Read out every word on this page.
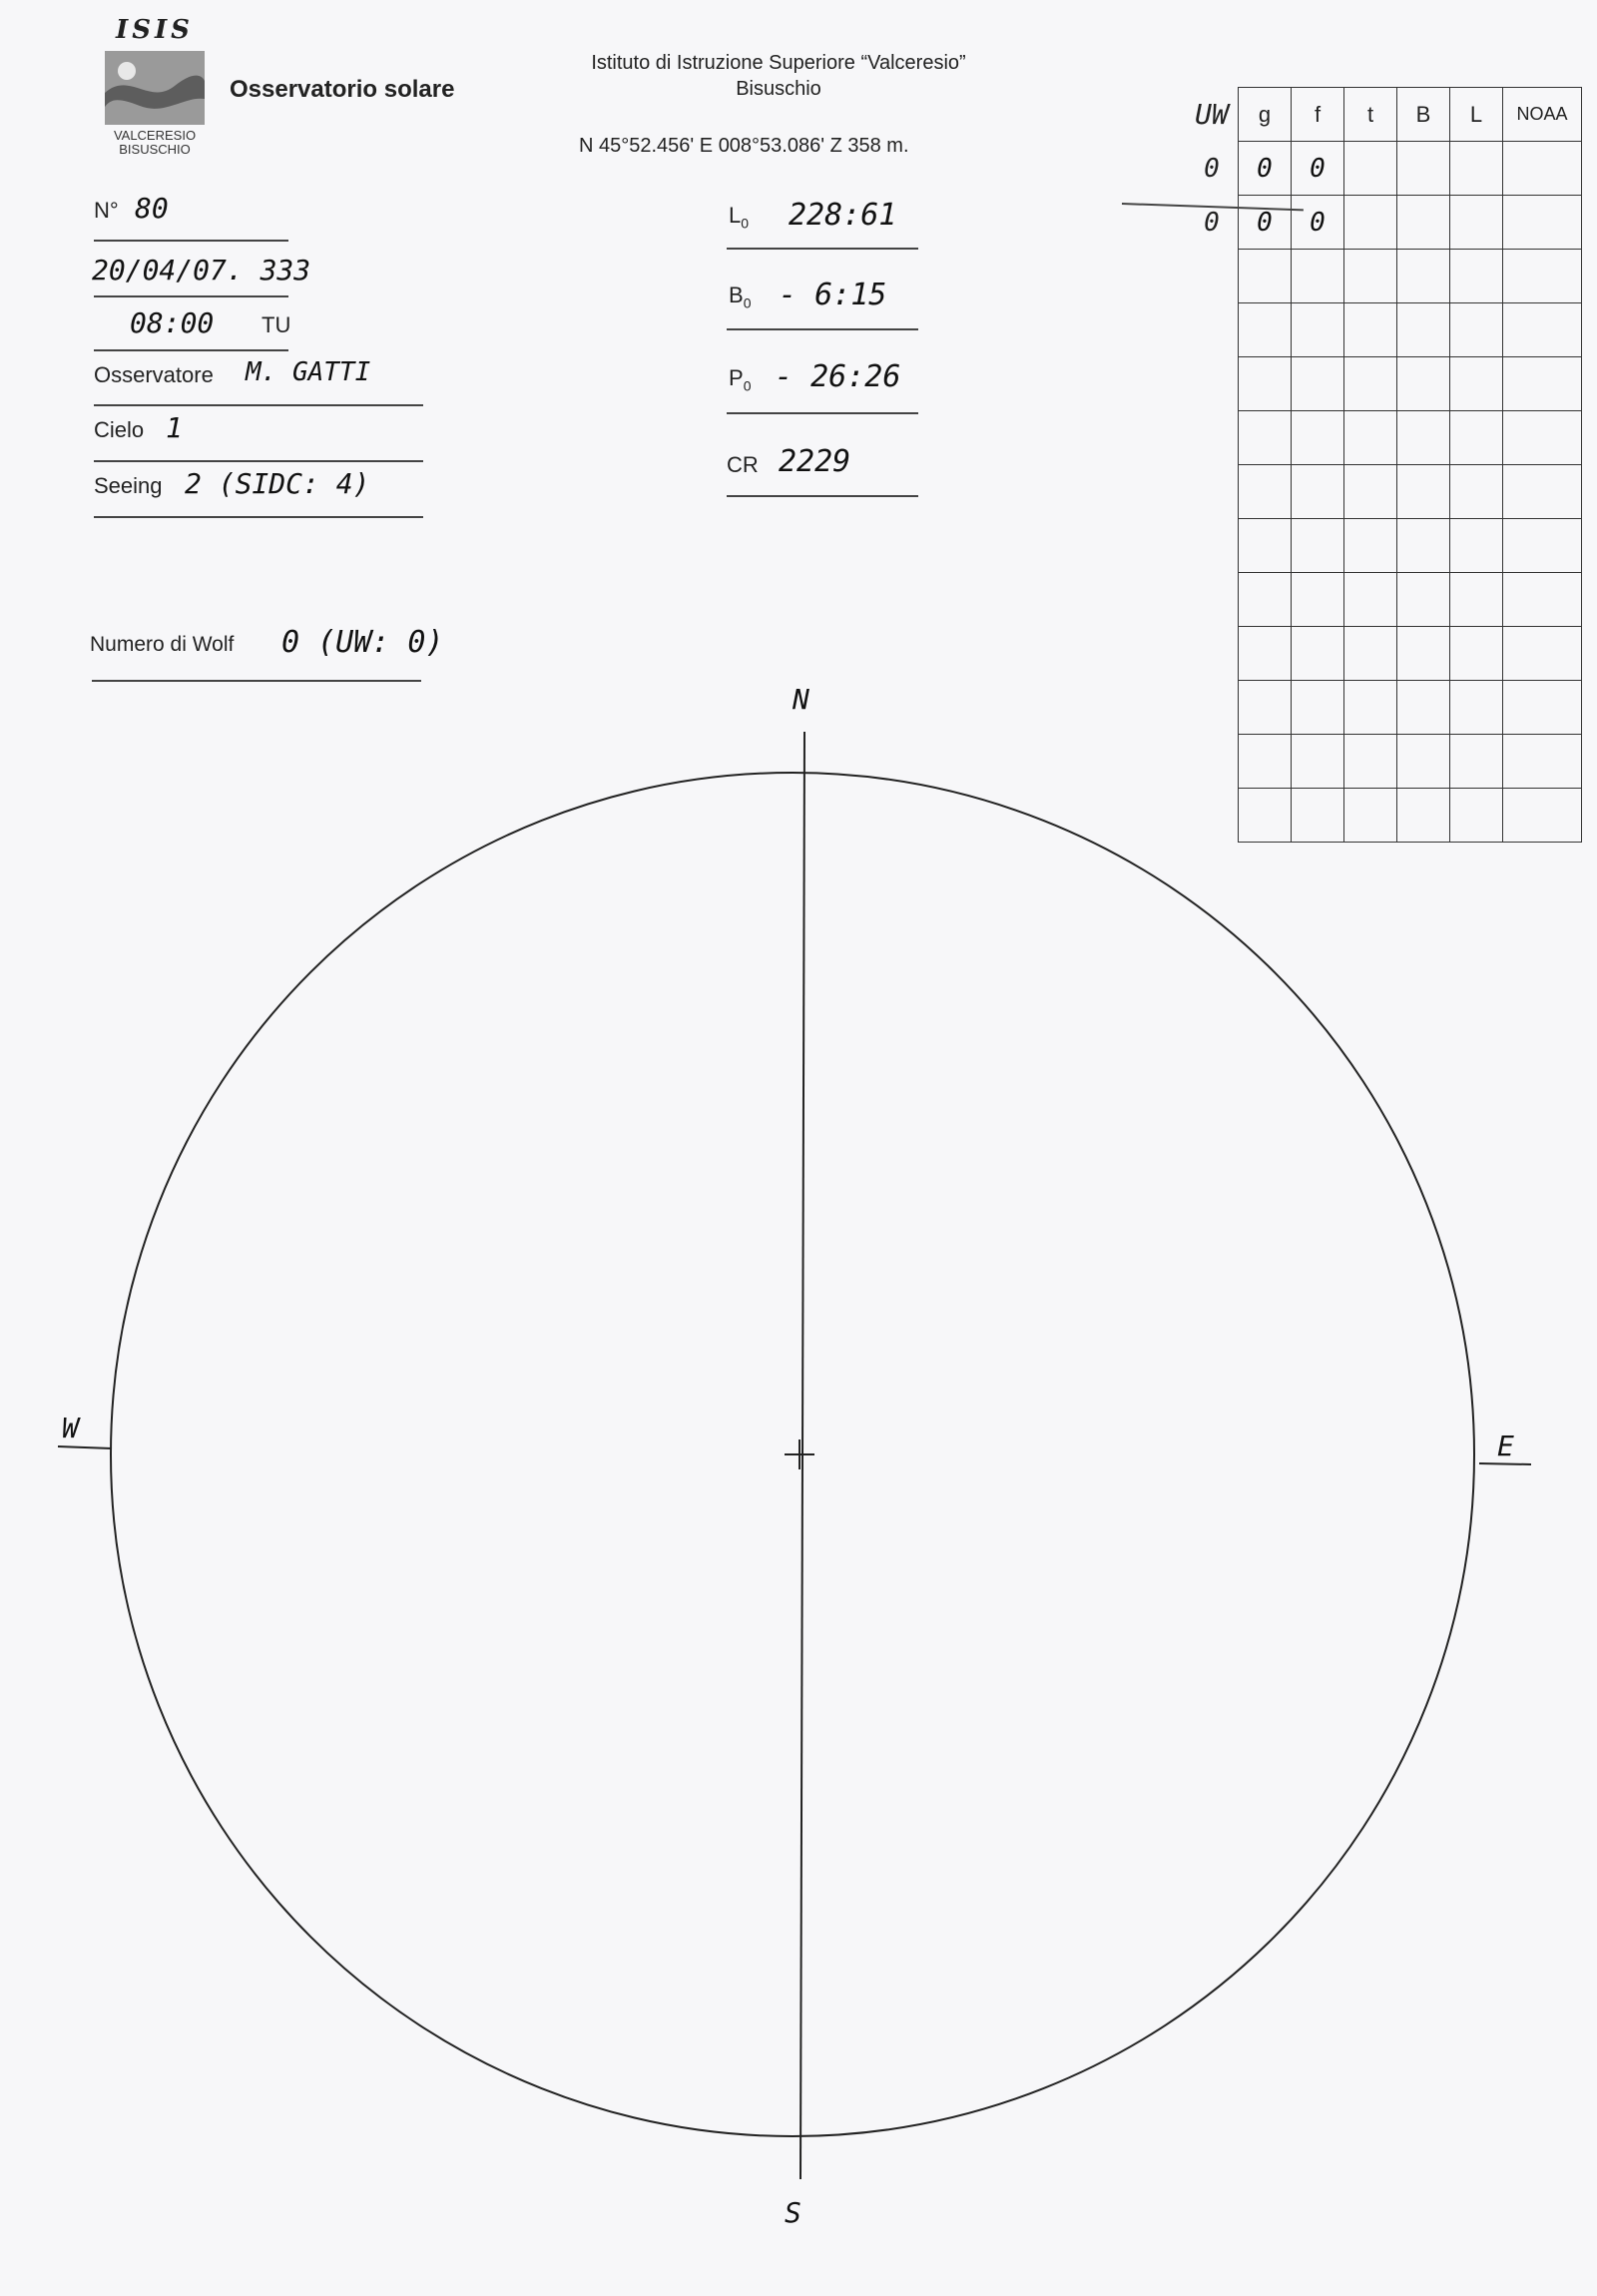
ISIS
VALCERESIO
BISUSCHIO
Osservatorio solare
Istituto di Istruzione Superiore “Valceresio”
Bisuschio
N 45°52.456' E 008°53.086' Z 358 m.
N° 80
20/04/07. 333
08:00 TU
Osservatore M. GATTI
Cielo 1
Seeing 2 (SIDC: 4)
Numero di Wolf 0 (UW: 0)
$L_0$ 228:61
$B_0$ - 6:15
$P_0$ - 26:26
CR 2229
UW	g	f	t	B	L	NOAA
0	0	0				
0	0	0				

N
S
W
E
